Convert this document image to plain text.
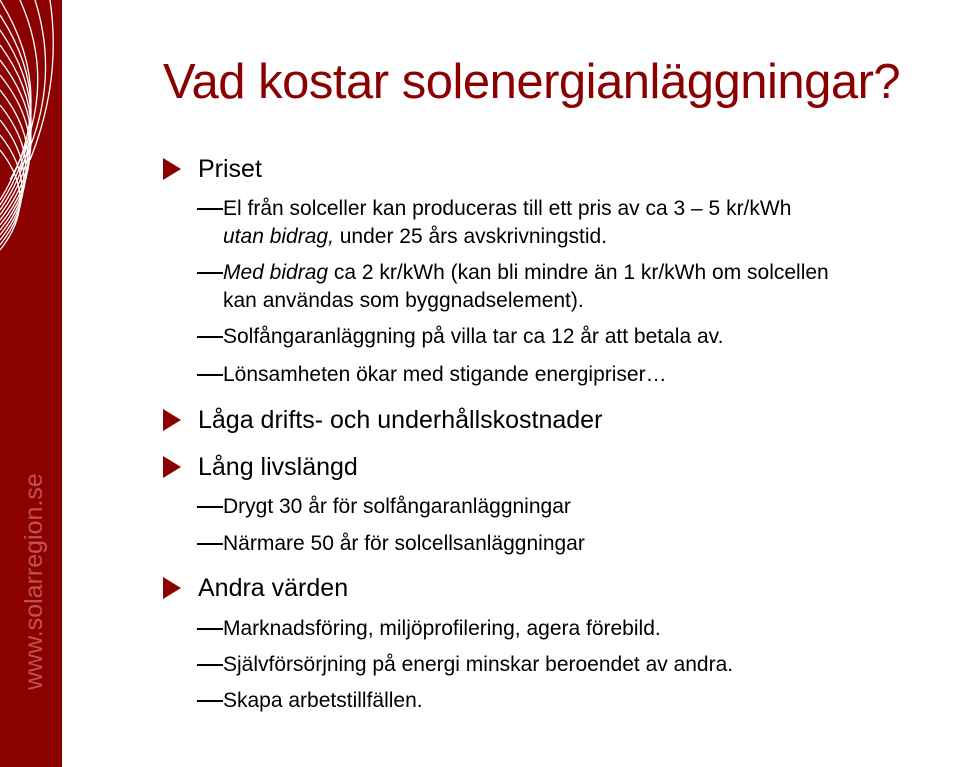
www.solarregion.se
Vad kostar solenergianläggningar?
Priset
El från solceller kan produceras till ett pris av ca 3 – 5 kr/kWh
utan bidrag, under 25 års avskrivningstid.
Med bidrag ca 2 kr/kWh (kan bli mindre än 1 kr/kWh om solcellen
kan användas som byggnadselement).
Solfångaranläggning på villa tar ca 12 år att betala av.
Lönsamheten ökar med stigande energipriser…
Låga drifts- och underhållskostnader
Lång livslängd
Drygt 30 år för solfångaranläggningar
Närmare 50 år för solcellsanläggningar
Andra värden
Marknadsföring, miljöprofilering, agera förebild.
Självförsörjning på energi minskar beroendet av andra.
Skapa arbetstillfällen.
